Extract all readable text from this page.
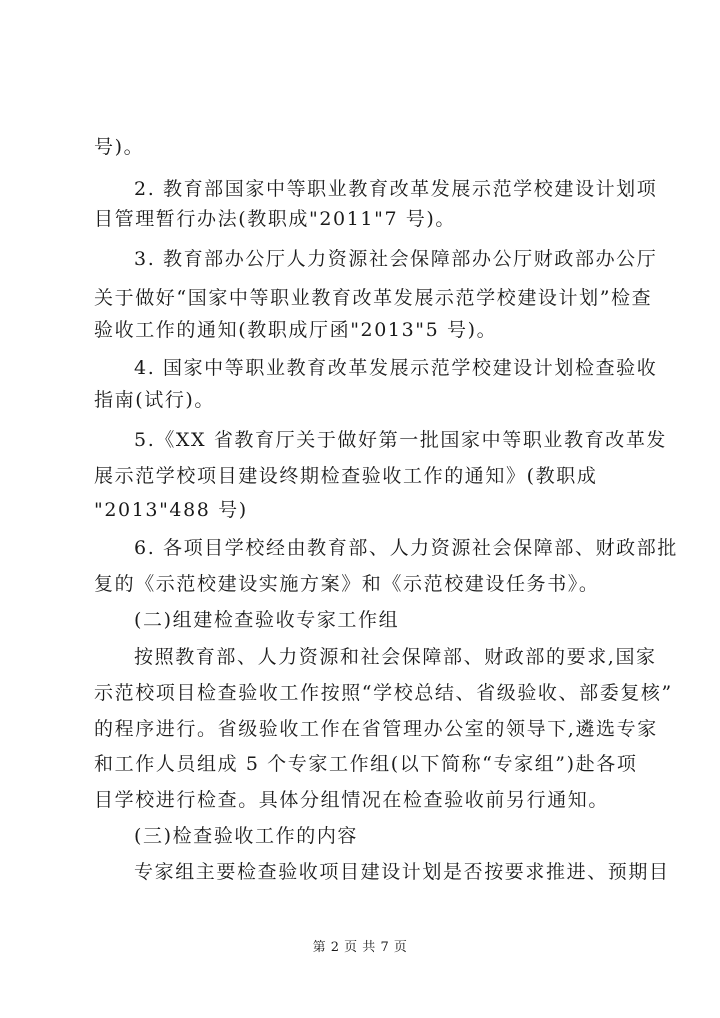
号)。

2. 教育部国家中等职业教育改革发展示范学校建设计划项

目管理暂行办法(教职成"2011"7 号)。

3. 教育部办公厅人力资源社会保障部办公厅财政部办公厅

关于做好“国家中等职业教育改革发展示范学校建设计划”检查

验收工作的通知(教职成厅函"2013"5 号)。

4. 国家中等职业教育改革发展示范学校建设计划检查验收

指南(试行)。

5.《XX 省教育厅关于做好第一批国家中等职业教育改革发

展示范学校项目建设终期检查验收工作的通知》(教职成

"2013"488 号)

6. 各项目学校经由教育部、人力资源社会保障部、财政部批

复的《示范校建设实施方案》和《示范校建设任务书》。

(二)组建检查验收专家工作组

按照教育部、人力资源和社会保障部、财政部的要求,国家

示范校项目检查验收工作按照“学校总结、省级验收、部委复核”

的程序进行。省级验收工作在省管理办公室的领导下,遴选专家

和工作人员组成 5 个专家工作组(以下简称“专家组”)赴各项

目学校进行检查。具体分组情况在检查验收前另行通知。

(三)检查验收工作的内容

专家组主要检查验收项目建设计划是否按要求推进、预期目

第 2 页 共 7 页
